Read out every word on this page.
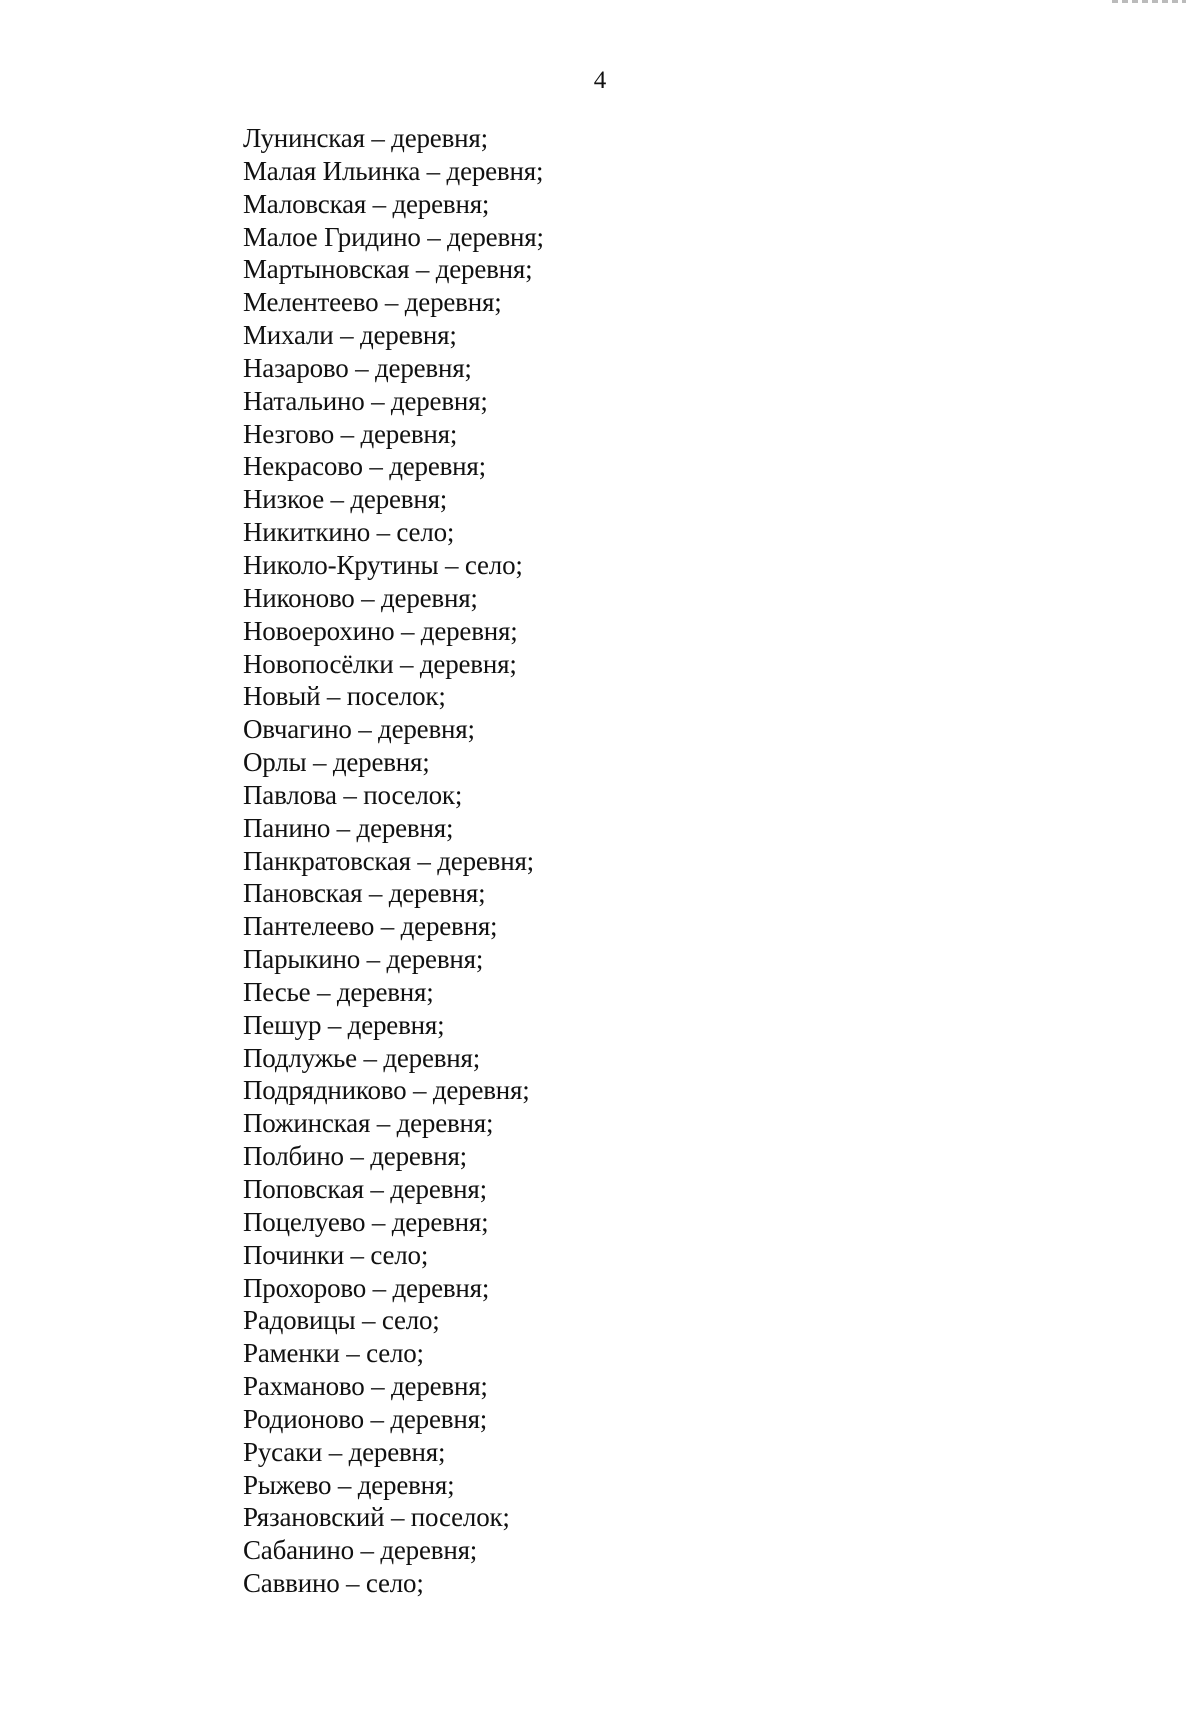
4
Лунинская – деревня;
Малая Ильинка – деревня;
Маловская – деревня;
Малое Гридино – деревня;
Мартыновская – деревня;
Мелентеево – деревня;
Михали – деревня;
Назарово – деревня;
Натальино – деревня;
Незгово – деревня;
Некрасово – деревня;
Низкое – деревня;
Никиткино – село;
Николо-Крутины – село;
Никоново – деревня;
Новоерохино – деревня;
Новопосёлки – деревня;
Новый – поселок;
Овчагино – деревня;
Орлы – деревня;
Павлова – поселок;
Панино – деревня;
Панкратовская – деревня;
Пановская – деревня;
Пантелеево – деревня;
Парыкино – деревня;
Песье – деревня;
Пешур – деревня;
Подлужье – деревня;
Подрядниково – деревня;
Пожинская – деревня;
Полбино – деревня;
Поповская – деревня;
Поцелуево – деревня;
Починки – село;
Прохорово – деревня;
Радовицы – село;
Раменки – село;
Рахманово – деревня;
Родионово – деревня;
Русаки – деревня;
Рыжево – деревня;
Рязановский – поселок;
Сабанино – деревня;
Саввино – село;
